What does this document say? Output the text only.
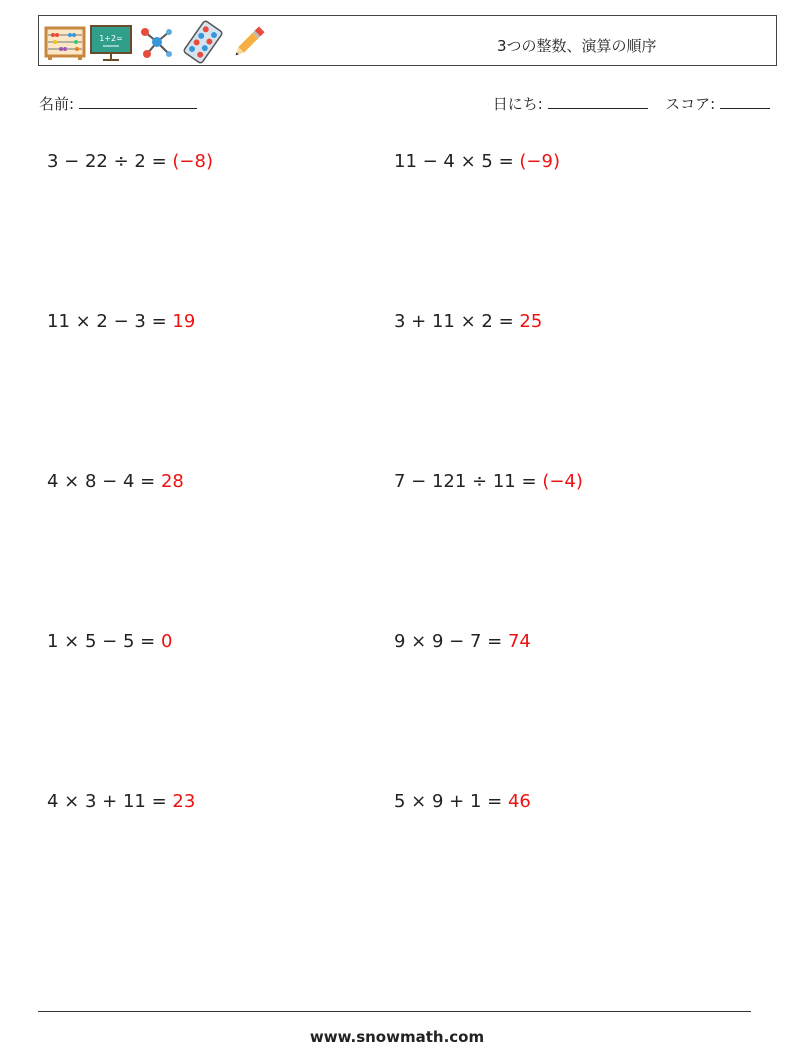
1+2=	3つの整数、演算の順序
名前:	日にち:	スコア:
3 − 22 ÷ 2 = (−8)	11 − 4 × 5 = (−9)
11 × 2 − 3 = 19	3 + 11 × 2 = 25
4 × 8 − 4 = 28	7 − 121 ÷ 11 = (−4)
1 × 5 − 5 = 0	9 × 9 − 7 = 74
4 × 3 + 11 = 23	5 × 9 + 1 = 46
www.snowmath.com
